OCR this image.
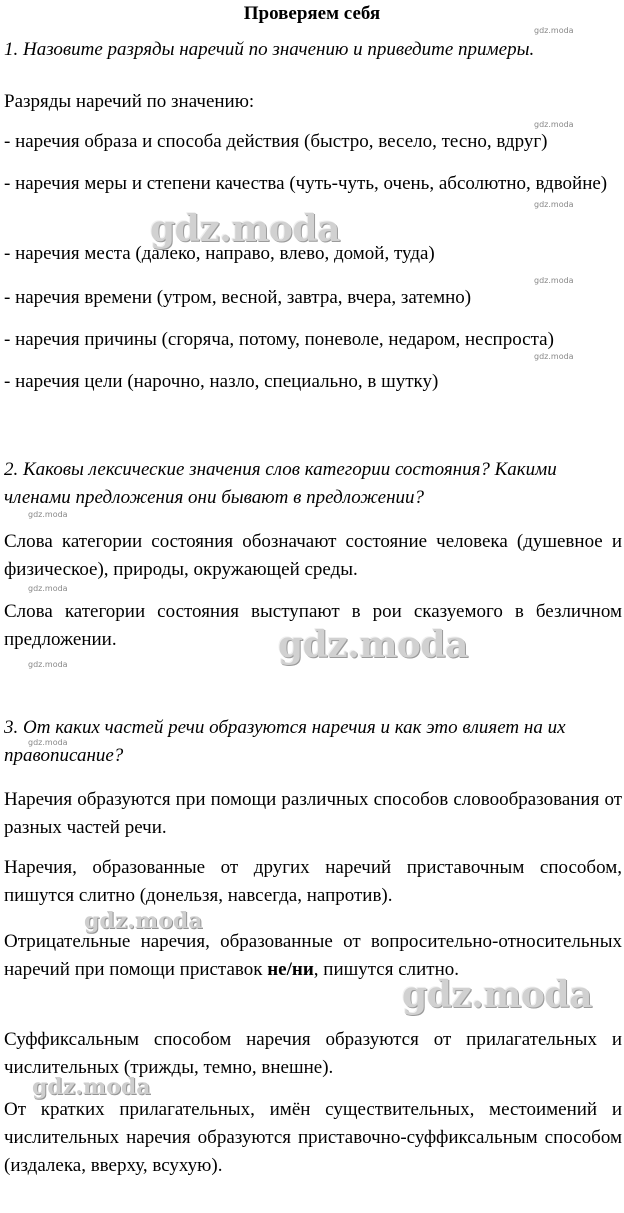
Проверяем себя
1. Назовите разряды наречий по значению и приведите примеры.
Разряды наречий по значению:
- наречия образа и способа действия (быстро, весело, тесно, вдруг)
- наречия меры и степени качества (чуть-чуть, очень, абсолютно, вдвойне)
- наречия места (далеко, направо, влево, домой, туда)
- наречия времени (утром, весной, завтра, вчера, затемно)
- наречия причины (сгоряча, потому, поневоле, недаром, неспроста)
- наречия цели (нарочно, назло, специально, в шутку)
2. Каковы лексические значения слов категории состояния? Какими членами предложения они бывают в предложении?
Слова категории состояния обозначают состояние человека (душевное и физическое), природы, окружающей среды.
Слова категории состояния выступают в рои сказуемого в безличном предложении.
3. От каких частей речи образуются наречия и как это влияет на их правописание?
Наречия образуются при помощи различных способов словообразования от разных частей речи.
Наречия, образованные от других наречий приставочным способом, пишутся слитно (донельзя, навсегда, напротив).
Отрицательные наречия, образованные от вопросительно-относительных наречий при помощи приставок не/ни, пишутся слитно.
Суффиксальным способом наречия образуются от прилагательных и числительных (трижды, темно, внешне).
От кратких прилагательных, имён существительных, местоимений и числительных наречия образуются приставочно-суффиксальным способом (издалека, вверху, всухую).
gdz.moda
gdz.moda
gdz.moda
gdz.moda
gdz.moda
gdz.moda
gdz.moda
gdz.moda
gdz.moda
gdz.moda
gdz.moda
gdz.moda
gdz.moda
gdz.moda
